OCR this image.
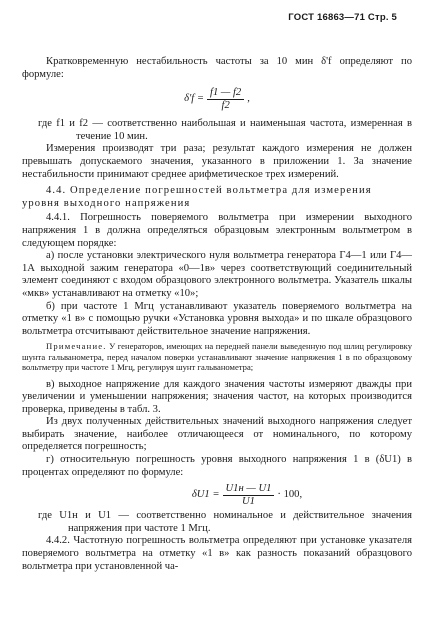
ГОСТ 16863—71 Стр. 5

Кратковременную нестабильность частоты за 10 мин δ'f определяют по формуле:

$\delta'f = \frac{f1 — f2}{f2}$ ,

где f1 и f2 — соответственно наибольшая и наименьшая частота, измеренная в течение 10 мин.

Измерения производят три раза; результат каждого измерения не должен превышать допускаемого значения, указанного в приложении 1. За значение нестабильности принимают среднее арифметическое трех измерений.

4.4. Определение погрешностей вольтметра для измерения уровня выходного напряжения

4.4.1. Погрешность поверяемого вольтметра при измерении выходного напряжения 1 в должна определяться образцовым электронным вольтметром в следующем порядке:

а) после установки электрического нуля вольтметра генератора Г4—1 или Г4—1А выходной зажим генератора «0—1в» через соответствующий соединительный элемент соединяют с входом образцового электронного вольтметра. Указатель шкалы «мкв» устанавливают на отметку «10»;

б) при частоте 1 Мгц устанавливают указатель поверяемого вольтметра на отметку «1 в» с помощью ручки «Установка уровня выхода» и по шкале образцового вольтметра отсчитывают действительное значение напряжения.

Примечание. У генераторов, имеющих на передней панели выведенную под шлиц регулировку шунта гальванометра, перед началом поверки устанавливают значение напряжения 1 в по образцовому вольтметру при частоте 1 Мгц, регулируя шунт гальванометра;

в) выходное напряжение для каждого значения частоты измеряют дважды при увеличении и уменьшении напряжения; значения частот, на которых производится проверка, приведены в табл. 3.

Из двух полученных действительных значений выходного напряжения следует выбирать значение, наиболее отличающееся от номинального, по которому определяется погрешность;

г) относительную погрешность уровня выходного напряжения 1 в (δU1) в процентах определяют по формуле:

$\delta U1 = \frac{U1н — U1}{U1} \cdot 100$,

где U1н и U1 — соответственно номинальное и действительное значения напряжения при частоте 1 Мгц.

4.4.2. Частотную погрешность вольтметра определяют при установке указателя поверяемого вольтметра на отметку «1 в» как разность показаний образцового вольтметра при установленной ча-
